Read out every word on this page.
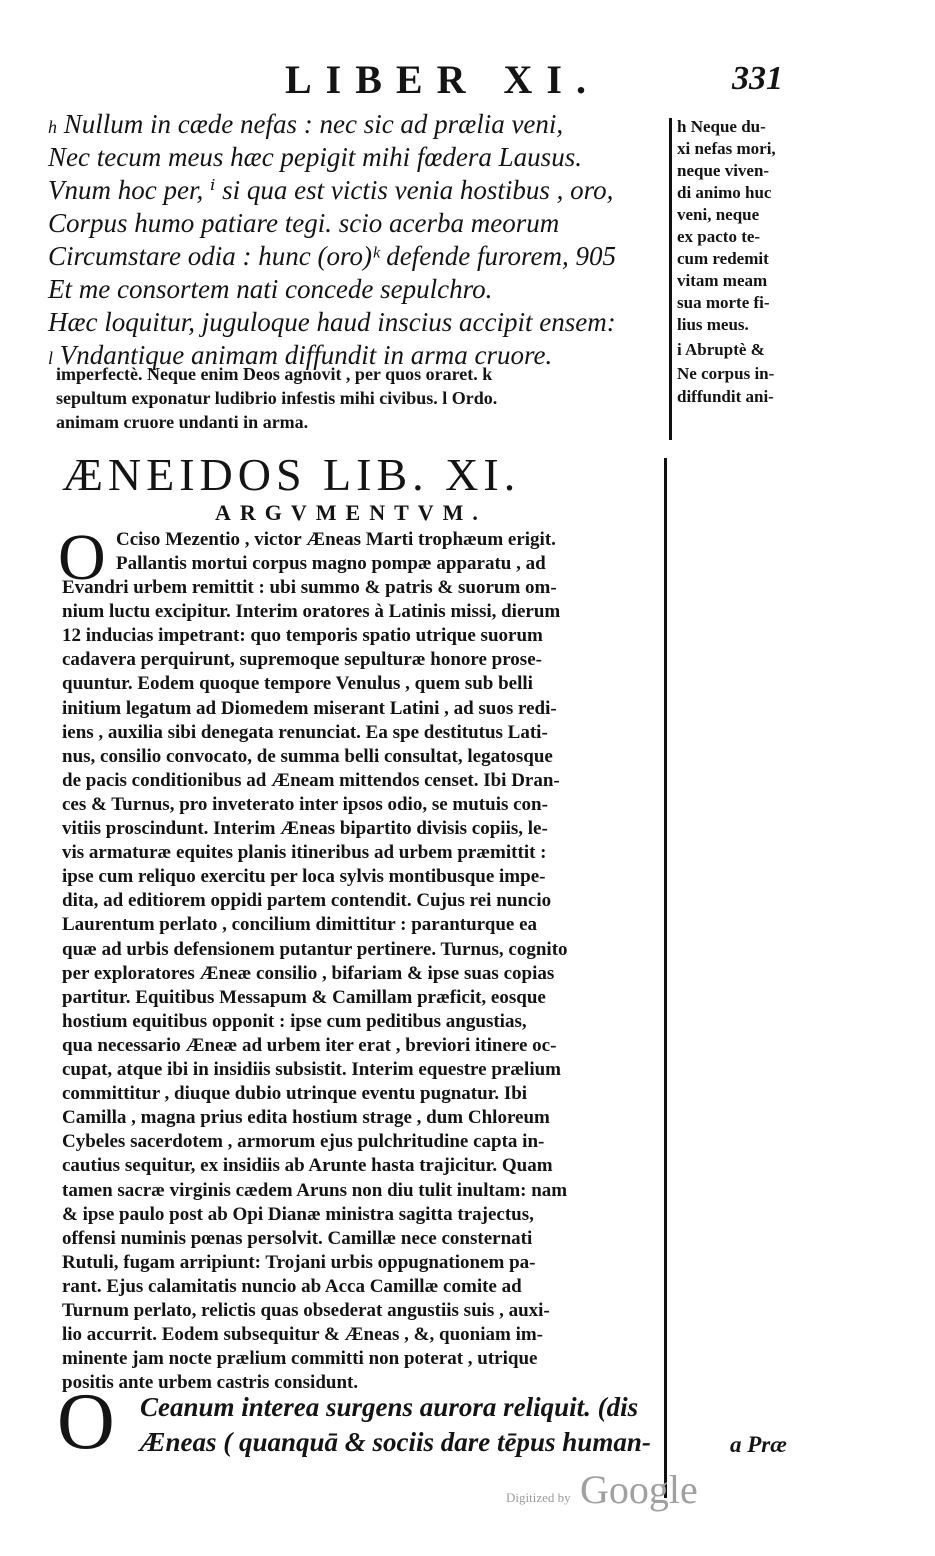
LIBER XI.	331
h Nullum in cæde nefas : nec sic ad prælia veni,
Nec tecum meus hæc pepigit mihi fœdera Lausus.
Vnum hoc per, ⁱ si qua est victis venia hostibus , oro,
Corpus humo patiare tegi. scio acerba meorum
Circumstare odia : hunc (oro)ᵏ defende furorem, 905
Et me consortem nati concede sepulchro.
Hæc loquitur, juguloque haud inscius accipit ensem:
l Vndantique animam diffundit in arma cruore.
imperfectè. Neque enim Deos agnovit , per quos oraret. k
sepultum exponatur ludibrio infestis mihi civibus. l Ordo.
animam cruore undanti in arma.
h Neque du-
xi nefas mori,
neque viven-
di animo huc
veni, neque
ex pacto te-
cum redemit
vitam meam
sua morte fi-
lius meus.
i Abruptè &
Ne corpus in-
diffundit ani-
ÆNEIDOS LIB. XI.
ARGVMENTVM.
O Cciso Mezentio , victor Æneas Marti trophæum erigit.
Pallantis mortui corpus magno pompæ apparatu , ad
Evandri urbem remittit : ubi summo & patris & suorum om-
nium luctu excipitur. Interim oratores à Latinis missi, dierum
12 inducias impetrant: quo temporis spatio utrique suorum
cadavera perquirunt, supremoque sepulturæ honore prose-
quuntur. Eodem quoque tempore Venulus , quem sub belli
initium legatum ad Diomedem miserant Latini , ad suos redi-
iens , auxilia sibi denegata renunciat. Ea spe destitutus Lati-
nus, consilio convocato, de summa belli consultat, legatosque
de pacis conditionibus ad Æneam mittendos censet. Ibi Dran-
ces & Turnus, pro inveterato inter ipsos odio, se mutuis con-
vitiis proscindunt. Interim Æneas bipartito divisis copiis, le-
vis armaturæ equites planis itineribus ad urbem præmittit :
ipse cum reliquo exercitu per loca sylvis montibusque impe-
dita, ad editiorem oppidi partem contendit. Cujus rei nuncio
Laurentum perlato , concilium dimittitur : paranturque ea
quæ ad urbis defensionem putantur pertinere. Turnus, cognito
per exploratores Æneæ consilio , bifariam & ipse suas copias
partitur. Equitibus Messapum & Camillam præficit, eosque
hostium equitibus opponit : ipse cum peditibus angustias,
qua necessario Æneæ ad urbem iter erat , breviori itinere oc-
cupat, atque ibi in insidiis subsistit. Interim equestre prælium
committitur , diuque dubio utrinque eventu pugnatur. Ibi
Camilla , magna prius edita hostium strage , dum Chloreum
Cybeles sacerdotem , armorum ejus pulchritudine capta in-
cautius sequitur, ex insidiis ab Arunte hasta trajicitur. Quam
tamen sacræ virginis cædem Aruns non diu tulit inultam: nam
& ipse paulo post ab Opi Dianæ ministra sagitta trajectus,
offensi numinis pœnas persolvit. Camillæ nece consternati
Rutuli, fugam arripiunt: Trojani urbis oppugnationem pa-
rant. Ejus calamitatis nuncio ab Acca Camillæ comite ad
Turnum perlato, relictis quas obsederat angustiis suis , auxi-
lio accurrit. Eodem subsequitur & Æneas , &, quoniam im-
minente jam nocte prælium committi non poterat , utrique
positis ante urbem castris considunt.
O Ceanum interea surgens aurora reliquit. (dis
Æneas ( quanquā & sociis dare tēpus human-	a Præ
Digitized by Google
